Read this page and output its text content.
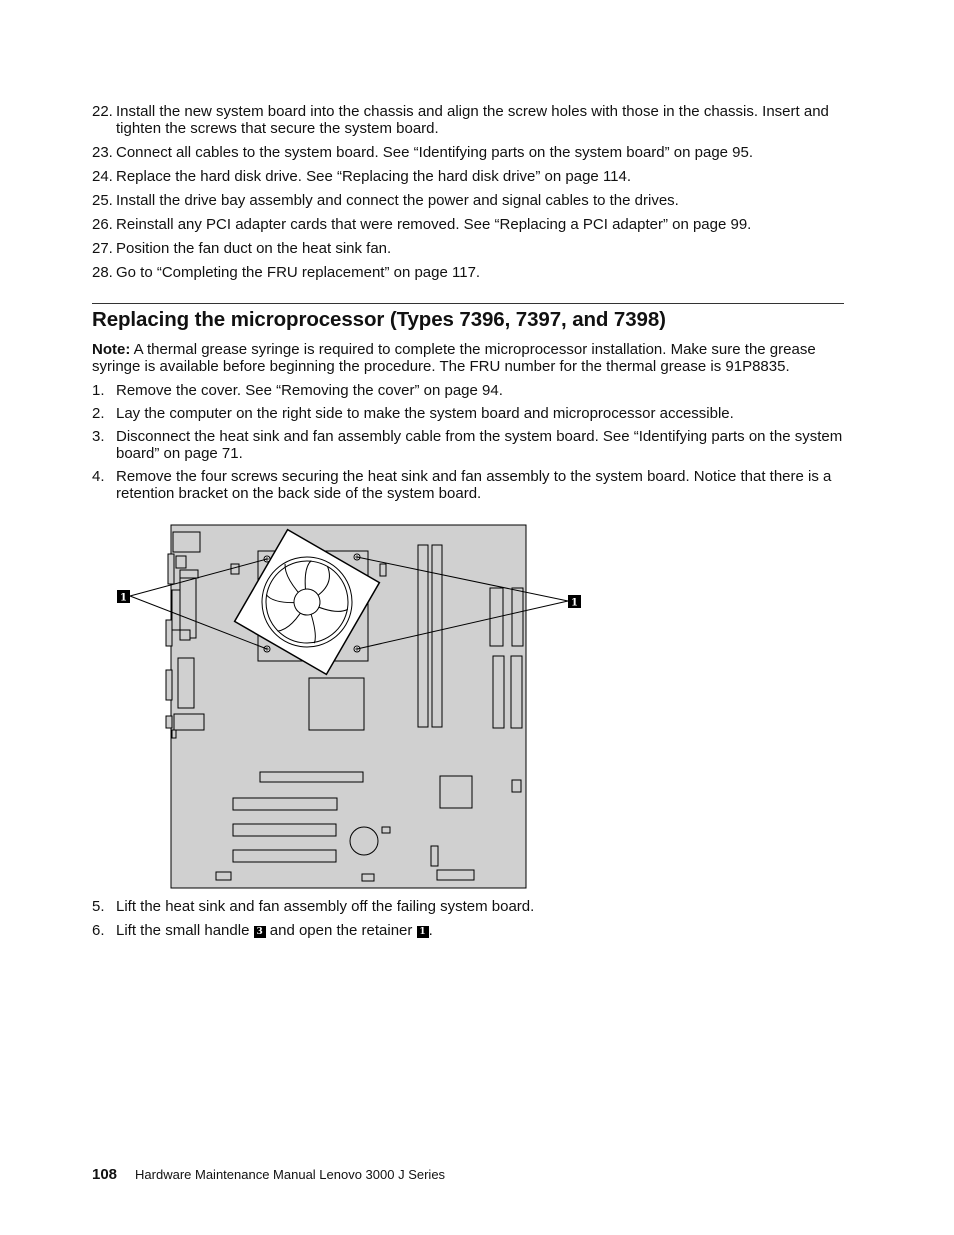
22. Install the new system board into the chassis and align the screw holes with those in the chassis. Insert and tighten the screws that secure the system board.
23. Connect all cables to the system board. See “Identifying parts on the system board” on page 95.
24. Replace the hard disk drive. See “Replacing the hard disk drive” on page 114.
25. Install the drive bay assembly and connect the power and signal cables to the drives.
26. Reinstall any PCI adapter cards that were removed. See “Replacing a PCI adapter” on page 99.
27. Position the fan duct on the heat sink fan.
28. Go to “Completing the FRU replacement” on page 117.
Replacing the microprocessor (Types 7396, 7397, and 7398)
Note: A thermal grease syringe is required to complete the microprocessor installation. Make sure the grease syringe is available before beginning the procedure. The FRU number for the thermal grease is 91P8835.
1. Remove the cover. See “Removing the cover” on page 94.
2. Lay the computer on the right side to make the system board and microprocessor accessible.
3. Disconnect the heat sink and fan assembly cable from the system board. See “Identifying parts on the system board” on page 71.
4. Remove the four screws securing the heat sink and fan assembly to the system board. Notice that there is a retention bracket on the back side of the system board.
1	1
5. Lift the heat sink and fan assembly off the failing system board.
6. Lift the small handle 3 and open the retainer 1 .
108 Hardware Maintenance Manual Lenovo 3000 J Series
